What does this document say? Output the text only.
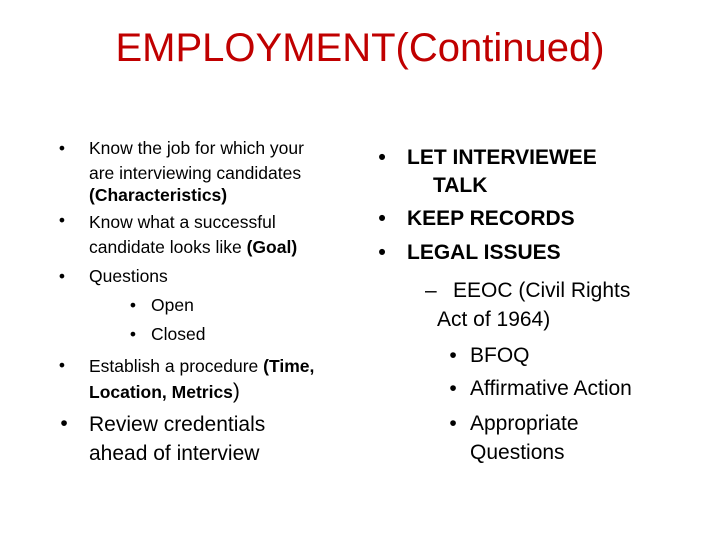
EMPLOYMENT(Continued)
• Know the job for which your
are interviewing candidates
(Characteristics)
• Know what a successful
candidate looks like (Goal)
• Questions
• Open
• Closed
• Establish a procedure (Time,
Location, Metrics)
• Review credentials
ahead of interview
• LET INTERVIEWEE
TALK
• KEEP RECORDS
• LEGAL ISSUES
– EEOC (Civil Rights
Act of 1964)
• BFOQ
• Affirmative Action
• Appropriate
Questions
